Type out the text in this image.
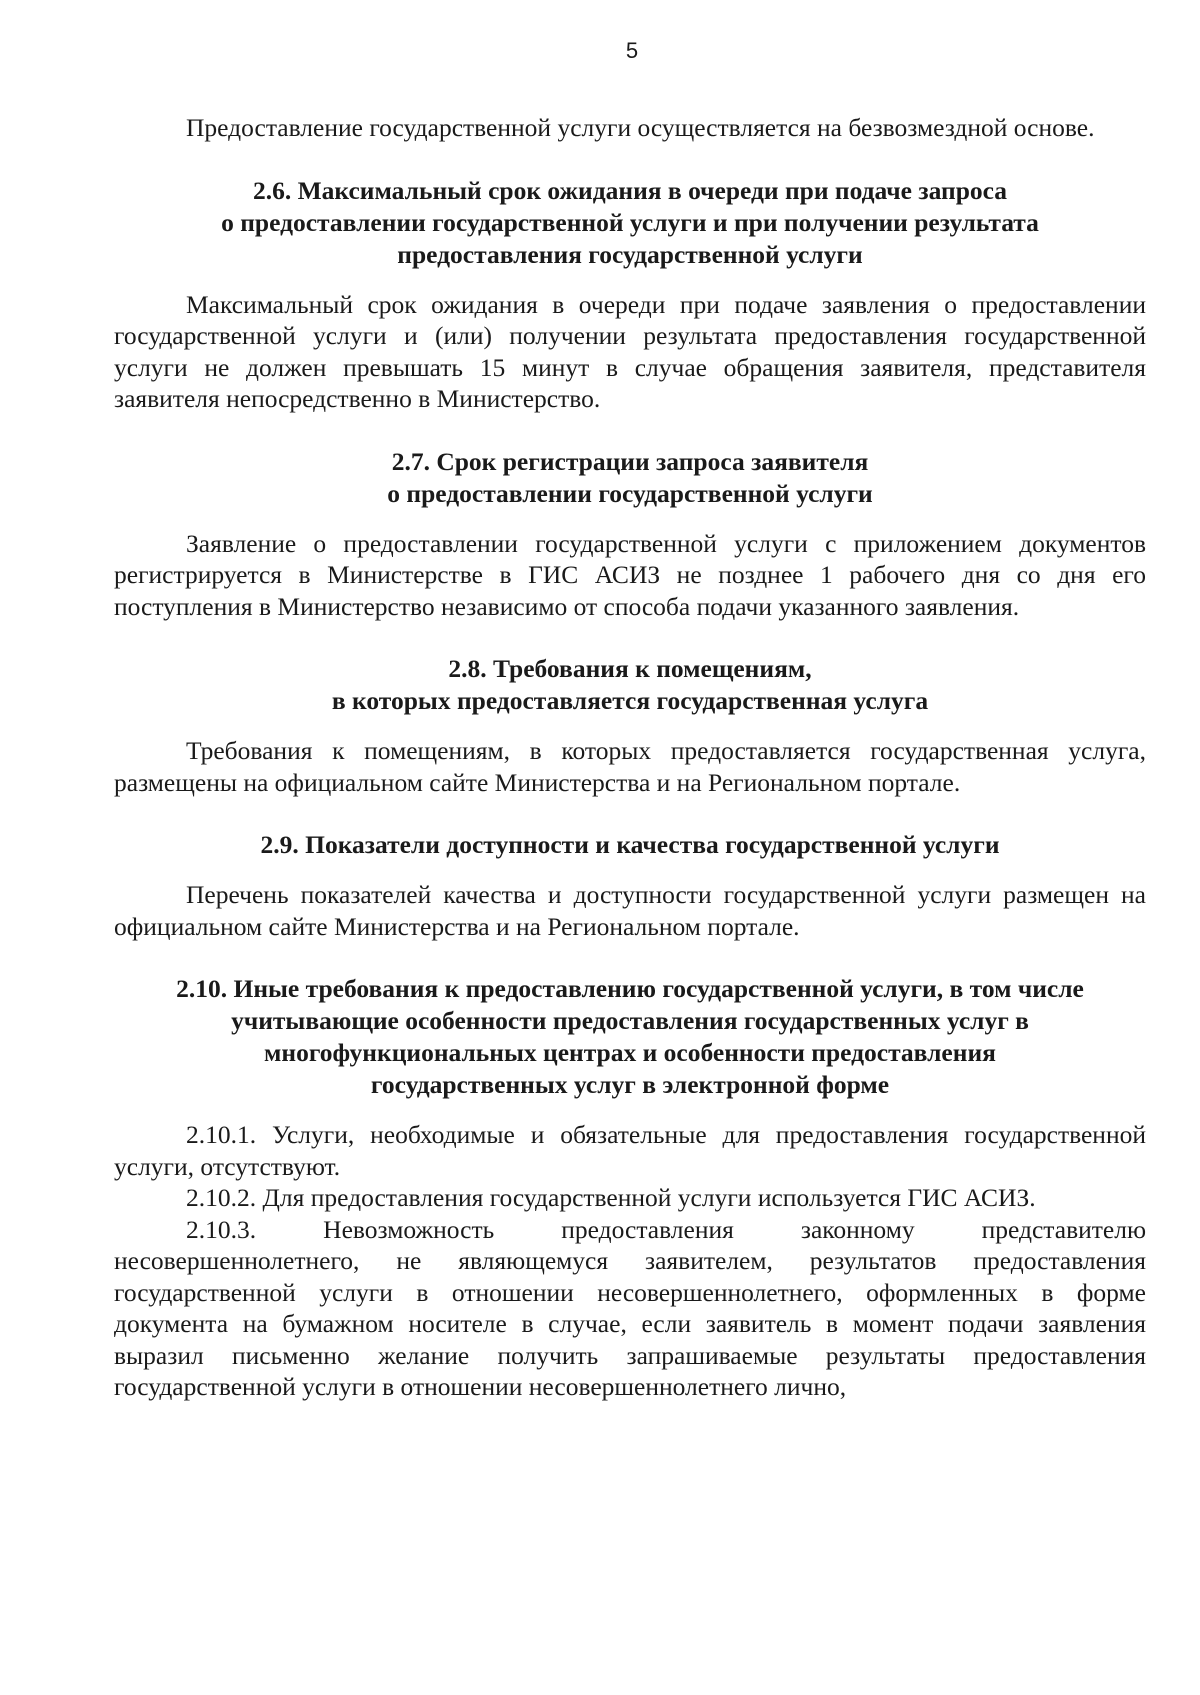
5

Предоставление государственной услуги осуществляется на безвозмездной основе.

2.6. Максимальный срок ожидания в очереди при подаче запроса
о предоставлении государственной услуги и при получении результата
предоставления государственной услуги

Максимальный срок ожидания в очереди при подаче заявления о предоставлении государственной услуги и (или) получении результата предоставления государственной услуги не должен превышать 15 минут в случае обращения заявителя, представителя заявителя непосредственно в Министерство.

2.7. Срок регистрации запроса заявителя
о предоставлении государственной услуги

Заявление о предоставлении государственной услуги с приложением документов регистрируется в Министерстве в ГИС АСИЗ не позднее 1 рабочего дня со дня его поступления в Министерство независимо от способа подачи указанного заявления.

2.8. Требования к помещениям,
в которых предоставляется государственная услуга

Требования к помещениям, в которых предоставляется государственная услуга, размещены на официальном сайте Министерства и на Региональном портале.

2.9. Показатели доступности и качества государственной услуги

Перечень показателей качества и доступности государственной услуги размещен на официальном сайте Министерства и на Региональном портале.

2.10. Иные требования к предоставлению государственной услуги, в том числе
учитывающие особенности предоставления государственных услуг в
многофункциональных центрах и особенности предоставления
государственных услуг в электронной форме

2.10.1. Услуги, необходимые и обязательные для предоставления государственной услуги, отсутствуют.

2.10.2. Для предоставления государственной услуги используется ГИС АСИЗ.

2.10.3. Невозможность предоставления законному представителю несовершеннолетнего, не являющемуся заявителем, результатов предоставления государственной услуги в отношении несовершеннолетнего, оформленных в форме документа на бумажном носителе в случае, если заявитель в момент подачи заявления выразил письменно желание получить запрашиваемые результаты предоставления государственной услуги в отношении несовершеннолетнего лично,
